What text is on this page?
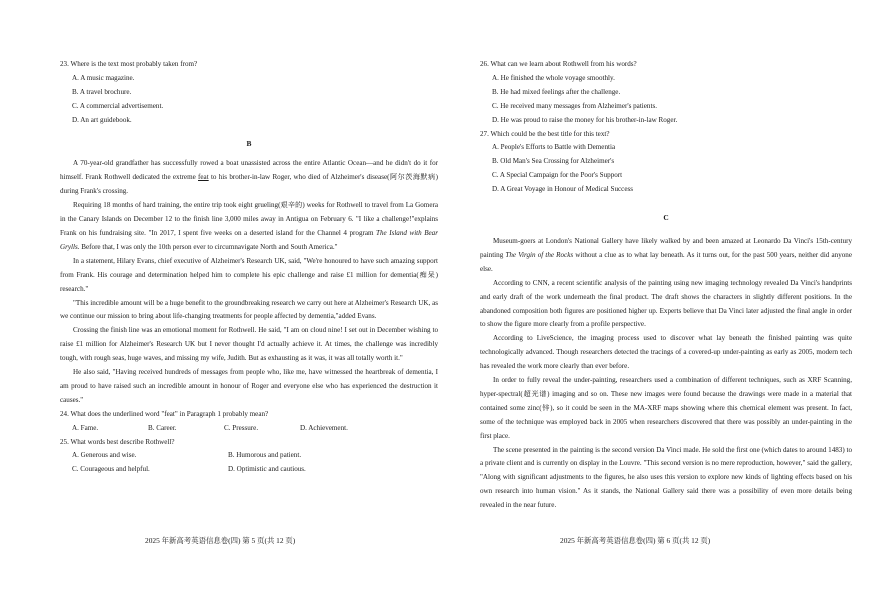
23. Where is the text most probably taken from?

A. A music magazine.

B. A travel brochure.

C. A commercial advertisement.

D. An art guidebook.

B

A 70-year-old grandfather has successfully rowed a boat unassisted across the entire Atlantic Ocean—and he didn't do it for himself. Frank Rothwell dedicated the extreme feat to his brother-in-law Roger, who died of Alzheimer's disease(阿尔茨海默病) during Frank's crossing.

Requiring 18 months of hard training, the entire trip took eight grueling(艰辛的) weeks for Rothwell to travel from La Gomera in the Canary Islands on December 12 to the finish line 3,000 miles away in Antigua on February 6. "I like a challenge!"explains Frank on his fundraising site. "In 2017, I spent five weeks on a deserted island for the Channel 4 program The Island with Bear Grylls. Before that, I was only the 10th person ever to circumnavigate North and South America."

In a statement, Hilary Evans, chief executive of Alzheimer's Research UK, said, "We're honoured to have such amazing support from Frank. His courage and determination helped him to complete his epic challenge and raise £1 million for dementia(痴呆) research."

"This incredible amount will be a huge benefit to the groundbreaking research we carry out here at Alzheimer's Research UK, as we continue our mission to bring about life-changing treatments for people affected by dementia,"added Evans.

Crossing the finish line was an emotional moment for Rothwell. He said, "I am on cloud nine! I set out in December wishing to raise £1 million for Alzheimer's Research UK but I never thought I'd actually achieve it. At times, the challenge was incredibly tough, with rough seas, huge waves, and missing my wife, Judith. But as exhausting as it was, it was all totally worth it."

He also said, "Having received hundreds of messages from people who, like me, have witnessed the heartbreak of dementia, I am proud to have raised such an incredible amount in honour of Roger and everyone else who has experienced the destruction it causes."

24. What does the underlined word "feat" in Paragraph 1 probably mean?

A. Fame.	B. Career.	C. Pressure.	D. Achievement.

25. What words best describe Rothwell?

A. Generous and wise.	B. Humorous and patient.
C. Courageous and helpful.	D. Optimistic and cautious.
2025 年新高考英语信息卷(四) 第 5 页(共 12 页)

26. What can we learn about Rothwell from his words?

A. He finished the whole voyage smoothly.

B. He had mixed feelings after the challenge.

C. He received many messages from Alzheimer's patients.

D. He was proud to raise the money for his brother-in-law Roger.

27. Which could be the best title for this text?

A. People's Efforts to Battle with Dementia

B. Old Man's Sea Crossing for Alzheimer's

C. A Special Campaign for the Poor's Support

D. A Great Voyage in Honour of Medical Success

C

Museum-goers at London's National Gallery have likely walked by and been amazed at Leonardo Da Vinci's 15th-century painting The Virgin of the Rocks without a clue as to what lay beneath. As it turns out, for the past 500 years, neither did anyone else.

According to CNN, a recent scientific analysis of the painting using new imaging technology revealed Da Vinci's handprints and early draft of the work underneath the final product. The draft shows the characters in slightly different positions. In the abandoned composition both figures are positioned higher up. Experts believe that Da Vinci later adjusted the final angle in order to show the figure more clearly from a profile perspective.

According to LiveScience, the imaging process used to discover what lay beneath the finished painting was quite technologically advanced. Though researchers detected the tracings of a covered-up under-painting as early as 2005, modern tech has revealed the work more clearly than ever before.

In order to fully reveal the under-painting, researchers used a combination of different techniques, such as XRF Scanning, hyper-spectral(超光谱) imaging and so on. These new images were found because the drawings were made in a material that contained some zinc(锌), so it could be seen in the MA-XRF maps showing where this chemical element was present. In fact, some of the technique was employed back in 2005 when researchers discovered that there was possibly an under-painting in the first place.

The scene presented in the painting is the second version Da Vinci made. He sold the first one (which dates to around 1483) to a private client and is currently on display in the Louvre. "This second version is no mere reproduction, however," said the gallery, "Along with significant adjustments to the figures, he also uses this version to explore new kinds of lighting effects based on his own research into human vision." As it stands, the National Gallery said there was a possibility of even more details being revealed in the near future.

2025 年新高考英语信息卷(四) 第 6 页(共 12 页)
